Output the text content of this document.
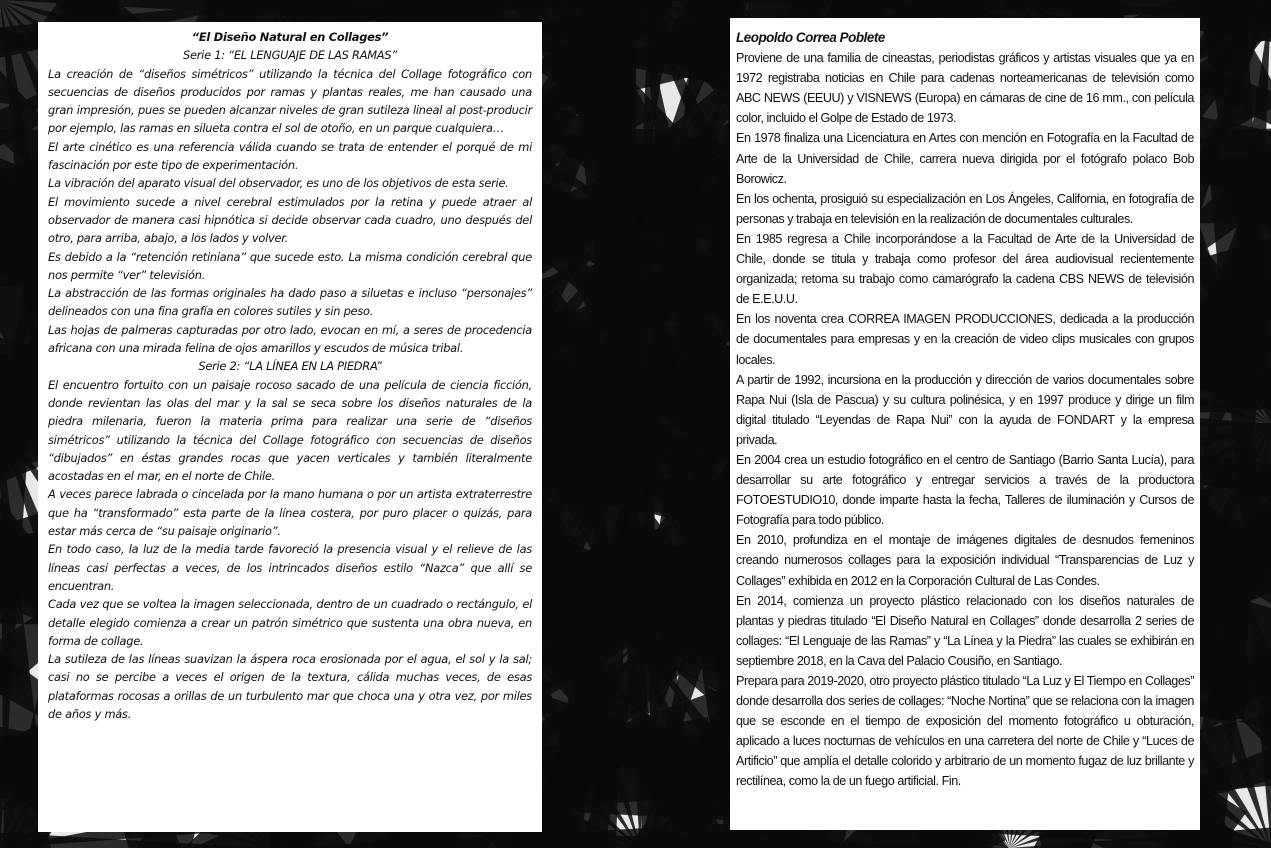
“El Diseño Natural en Collages”

Serie 1: “EL LENGUAJE DE LAS RAMAS”

La creación de “diseños simétricos” utilizando la técnica del Collage fotográfico con secuencias de diseños producidos por ramas y plantas reales, me han causado una gran impresión, pues se pueden alcanzar niveles de gran sutileza lineal al post-producir por ejemplo, las ramas en silueta contra el sol de otoño, en un parque cualquiera…

El arte cinético es una referencia válida cuando se trata de entender el porqué de mi fascinación por este tipo de experimentación.

La vibración del aparato visual del observador, es uno de los objetivos de esta serie.

El movimiento sucede a nivel cerebral estimulados por la retina y puede atraer al observador de manera casi hipnótica si decide observar cada cuadro, uno después del otro, para arriba, abajo, a los lados y volver.

Es debido a la “retención retiniana” que sucede esto. La misma condición cerebral que nos permite “ver” televisión.

La abstracción de las formas originales ha dado paso a siluetas e incluso “personajes” delineados con una fina grafía en colores sutiles y sin peso.

Las hojas de palmeras capturadas por otro lado, evocan en mí, a seres de procedencia africana con una mirada felina de ojos amarillos y escudos de música tribal.

Serie 2: “LA LÍNEA EN LA PIEDRA”

El encuentro fortuito con un paisaje rocoso sacado de una película de ciencia ficción, donde revientan las olas del mar y la sal se seca sobre los diseños naturales de la piedra milenaria, fueron la materia prima para realizar una serie de “diseños simétricos” utilizando la técnica del Collage fotográfico con secuencias de diseños “dibujados” en éstas grandes rocas que yacen verticales y también literalmente acostadas en el mar, en el norte de Chile.

A veces parece labrada o cincelada por la mano humana o por un artista extraterrestre que ha “transformado” esta parte de la línea costera, por puro placer o quizás, para estar más cerca de “su paisaje originario”.

En todo caso, la luz de la media tarde favoreció la presencia visual y el relieve de las líneas casi perfectas a veces, de los intrincados diseños estilo “Nazca” que allí se encuentran.

Cada vez que se voltea la imagen seleccionada, dentro de un cuadrado o rectángulo, el detalle elegido comienza a crear un patrón simétrico que sustenta una obra nueva, en forma de collage.

La sutileza de las líneas suavizan la áspera roca erosionada por el agua, el sol y la sal; casi no se percibe a veces el origen de la textura, cálida muchas veces, de esas plataformas rocosas a orillas de un turbulento mar que choca una y otra vez, por miles de años y más.

Leopoldo Correa Poblete

Proviene de una familia de cineastas, periodistas gráficos y artistas visuales que ya en 1972 registraba noticias en Chile para cadenas norteamericanas de televisión como ABC NEWS (EEUU) y VISNEWS (Europa) en cámaras de cine de 16 mm., con película color, incluido el Golpe de Estado de 1973.

En 1978 finaliza una Licenciatura en Artes con mención en Fotografía en la Facultad de Arte de la Universidad de Chile, carrera nueva dirigida por el fotógrafo polaco Bob Borowicz.

En los ochenta, prosiguió su especialización en Los Ángeles, California, en fotografía de personas y trabaja en televisión en la realización de documentales culturales.

En 1985 regresa a Chile incorporándose a la Facultad de Arte de la Universidad de Chile, donde se titula y trabaja como profesor del área audiovisual recientemente organizada; retoma su trabajo como camarógrafo la cadena CBS NEWS de televisión de E.E.U.U.

En los noventa crea CORREA IMAGEN PRODUCCIONES, dedicada a la producción de documentales para empresas y en la creación de video clips musicales con grupos locales.

A partir de 1992, incursiona en la producción y dirección de varios documentales sobre Rapa Nui (Isla de Pascua) y su cultura polinésica, y en 1997 produce y dirige un film digital titulado “Leyendas de Rapa Nui” con la ayuda de FONDART y la empresa privada.

En 2004 crea un estudio fotográfico en el centro de Santiago (Barrio Santa Lucía), para desarrollar su arte fotográfico y entregar servicios a través de la productora FOTOESTUDIO10, donde imparte hasta la fecha, Talleres de iluminación y Cursos de Fotografía para todo público.

En 2010, profundiza en el montaje de imágenes digitales de desnudos femeninos creando numerosos collages para la exposición individual “Transparencias de Luz y Collages” exhibida en 2012 en la Corporación Cultural de Las Condes.

En 2014, comienza un proyecto plástico relacionado con los diseños naturales de plantas y piedras titulado “El Diseño Natural en Collages” donde desarrolla 2 series de collages: “El Lenguaje de las Ramas” y “La Línea y la Piedra” las cuales se exhibirán en septiembre 2018, en la Cava del Palacio Cousiño, en Santiago.

Prepara para 2019-2020, otro proyecto plástico titulado “La Luz y El Tiempo en Collages” donde desarrolla dos series de collages: “Noche Nortina” que se relaciona con la imagen que se esconde en el tiempo de exposición del momento fotográfico u obturación, aplicado a luces nocturnas de vehículos en una carretera del norte de Chile y “Luces de Artificio” que amplía el detalle colorido y arbitrario de un momento fugaz de luz brillante y rectilínea, como la de un fuego artificial. Fin.
